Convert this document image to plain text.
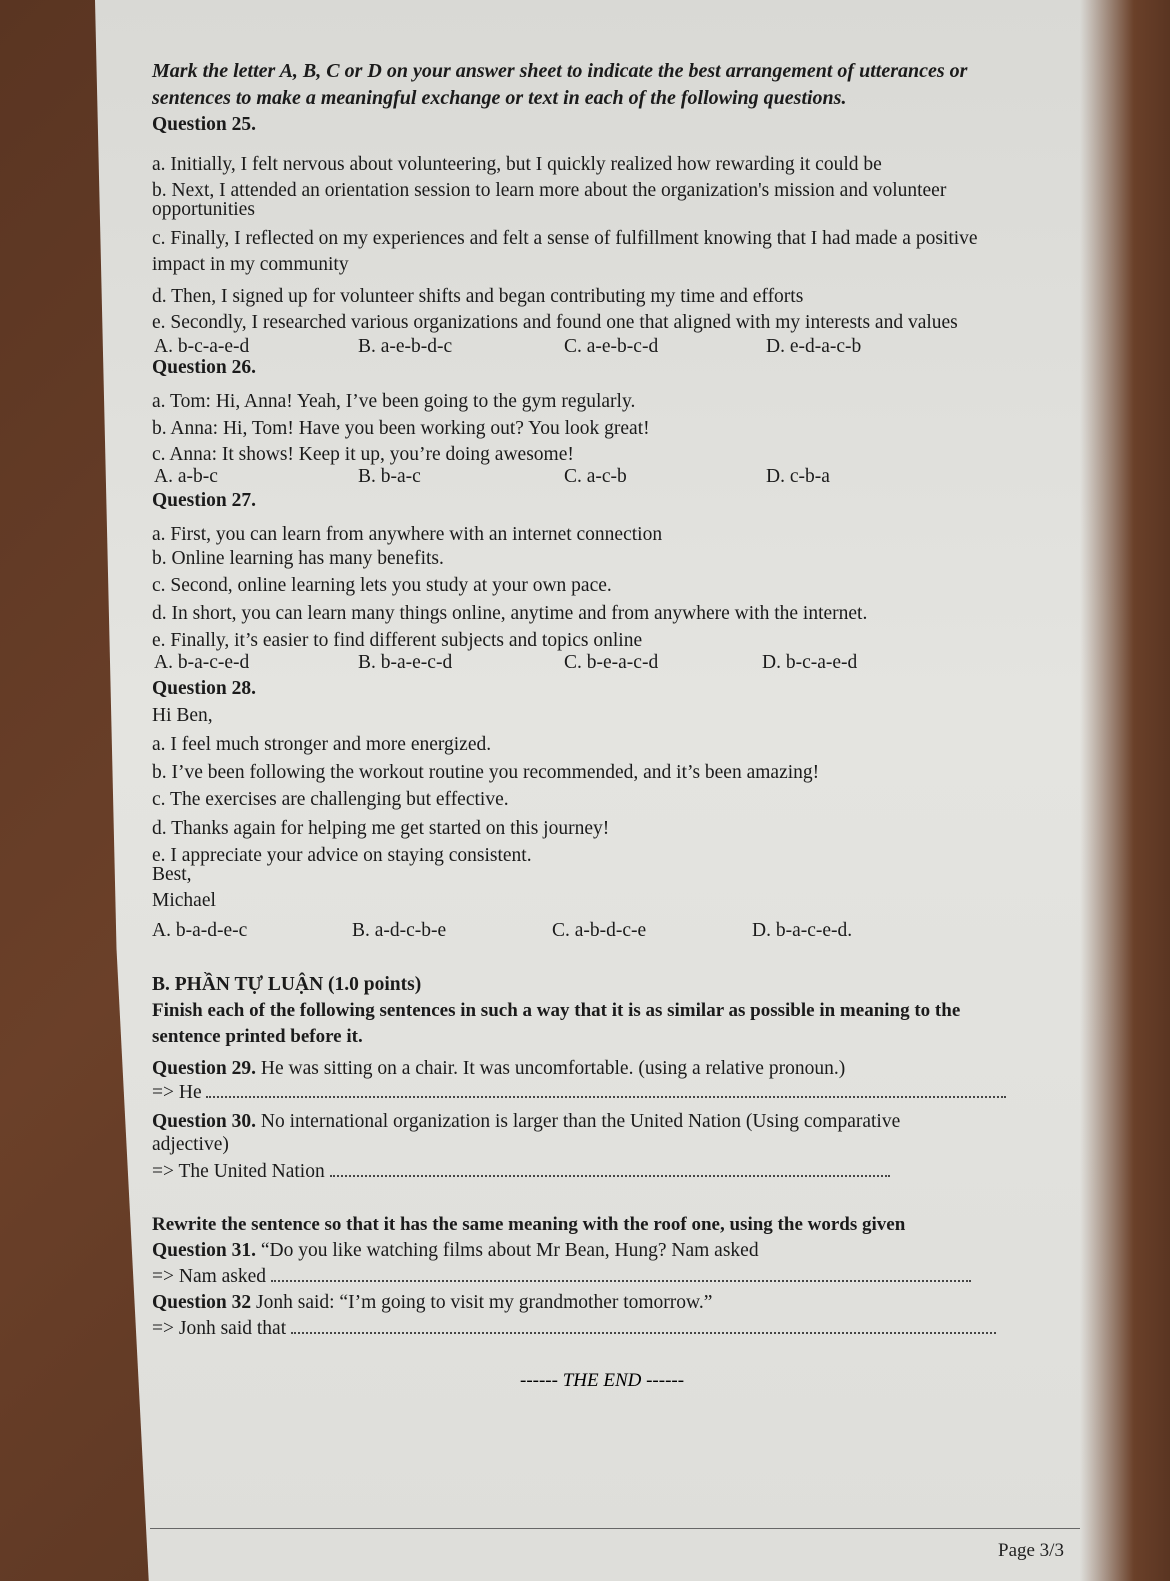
Mark the letter A, B, C or D on your answer sheet to indicate the best arrangement of utterances or
sentences to make a meaningful exchange or text in each of the following questions.
Question 25.
a. Initially, I felt nervous about volunteering, but I quickly realized how rewarding it could be
b. Next, I attended an orientation session to learn more about the organization's mission and volunteer
opportunities
c. Finally, I reflected on my experiences and felt a sense of fulfillment knowing that I had made a positive
impact in my community
d. Then, I signed up for volunteer shifts and began contributing my time and efforts
e. Secondly, I researched various organizations and found one that aligned with my interests and values
A. b-c-a-e-d	B. a-e-b-d-c	C. a-e-b-c-d	D. e-d-a-c-b
Question 26.
a. Tom: Hi, Anna! Yeah, I’ve been going to the gym regularly.
b. Anna: Hi, Tom! Have you been working out? You look great!
c. Anna: It shows! Keep it up, you’re doing awesome!
A. a-b-c	B. b-a-c	C. a-c-b	D. c-b-a
Question 27.
a. First, you can learn from anywhere with an internet connection
b. Online learning has many benefits.
c. Second, online learning lets you study at your own pace.
d. In short, you can learn many things online, anytime and from anywhere with the internet.
e. Finally, it’s easier to find different subjects and topics online
A. b-a-c-e-d	B. b-a-e-c-d	C. b-e-a-c-d	D. b-c-a-e-d
Question 28.
Hi Ben,
a. I feel much stronger and more energized.
b. I’ve been following the workout routine you recommended, and it’s been amazing!
c. The exercises are challenging but effective.
d. Thanks again for helping me get started on this journey!
e. I appreciate your advice on staying consistent.
Best,
Michael
A. b-a-d-e-c	B. a-d-c-b-e	C. a-b-d-c-e	D. b-a-c-e-d.
B. PHẦN TỰ LUẬN (1.0 points)
Finish each of the following sentences in such a way that it is as similar as possible in meaning to the
sentence printed before it.
Question 29. He was sitting on a chair. It was uncomfortable. (using a relative pronoun.)
=> He
Question 30. No international organization is larger than the United Nation (Using comparative
adjective)
=> The United Nation
Rewrite the sentence so that it has the same meaning with the roof one, using the words given
Question 31. “Do you like watching films about Mr Bean, Hung? Nam asked
=> Nam asked
Question 32 Jonh said: “I’m going to visit my grandmother tomorrow.”
=> Jonh said that
------ THE END ------
Page 3/3
